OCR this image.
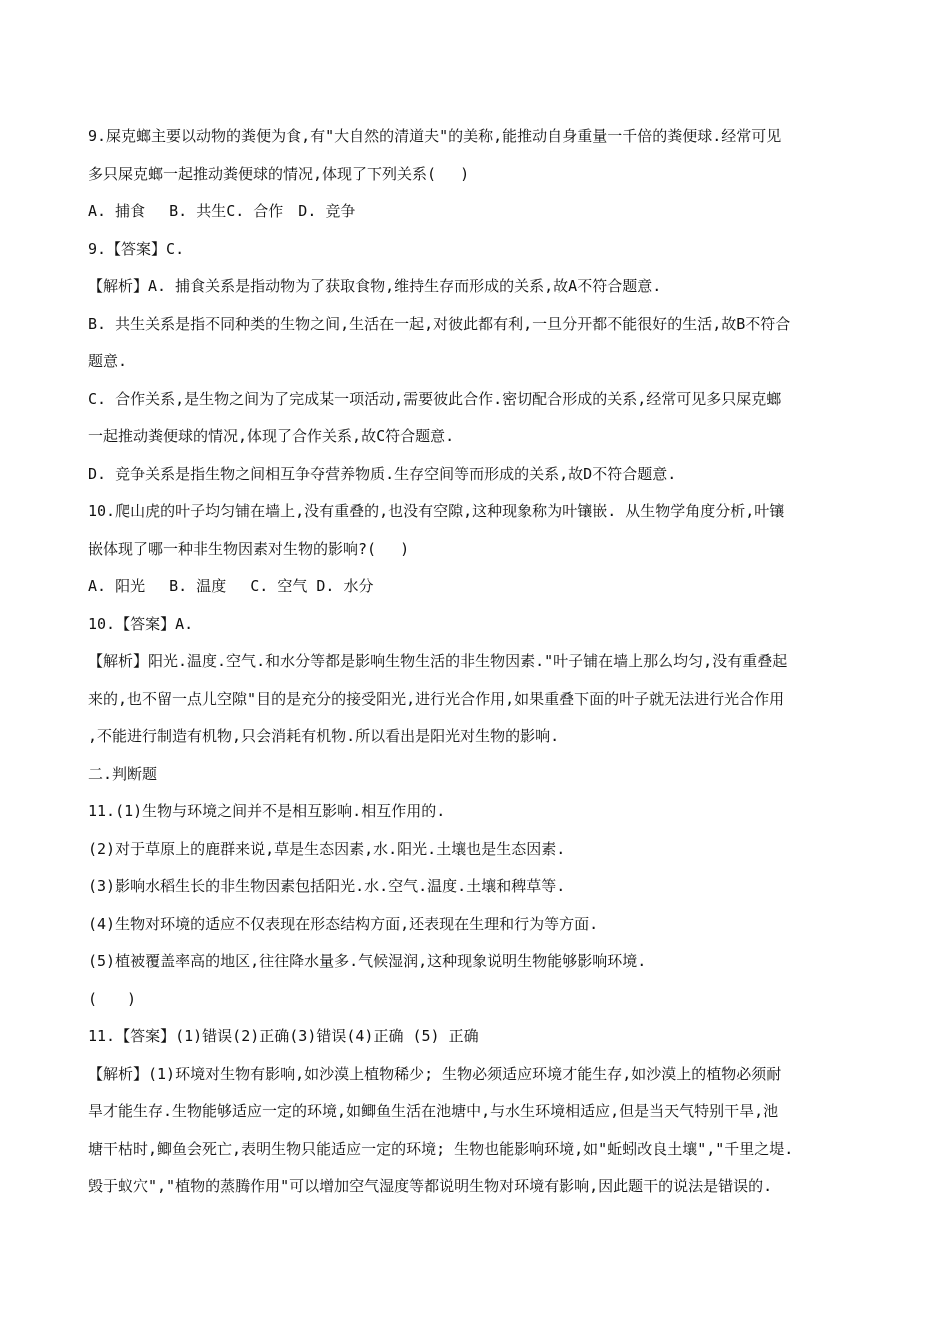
9.屎克螂主要以动物的粪便为食,有"大自然的清道夫"的美称,能推动自身重量一千倍的粪便球.经常可见

多只屎克螂一起推动粪便球的情况,体现了下列关系(　 )

A. 捕食　 B. 共生C. 合作　D. 竞争

9.【答案】C.

【解析】A. 捕食关系是指动物为了获取食物,维持生存而形成的关系,故A不符合题意.

B. 共生关系是指不同种类的生物之间,生活在一起,对彼此都有利,一旦分开都不能很好的生活,故B不符合

题意.

C. 合作关系,是生物之间为了完成某一项活动,需要彼此合作.密切配合形成的关系,经常可见多只屎克螂

一起推动粪便球的情况,体现了合作关系,故C符合题意.

D. 竞争关系是指生物之间相互争夺营养物质.生存空间等而形成的关系,故D不符合题意.

10.爬山虎的叶子均匀铺在墙上,没有重叠的,也没有空隙,这种现象称为叶镶嵌. 从生物学角度分析,叶镶

嵌体现了哪一种非生物因素对生物的影响?(　 )

A. 阳光　 B. 温度　 C. 空气 D. 水分

10.【答案】A.

【解析】阳光.温度.空气.和水分等都是影响生物生活的非生物因素."叶子铺在墙上那么均匀,没有重叠起

来的,也不留一点儿空隙"目的是充分的接受阳光,进行光合作用,如果重叠下面的叶子就无法进行光合作用

,不能进行制造有机物,只会消耗有机物.所以看出是阳光对生物的影响.

二.判断题

11.(1)生物与环境之间并不是相互影响.相互作用的.

(2)对于草原上的鹿群来说,草是生态因素,水.阳光.土壤也是生态因素.

(3)影响水稻生长的非生物因素包括阳光.水.空气.温度.土壤和稗草等.

(4)生物对环境的适应不仅表现在形态结构方面,还表现在生理和行为等方面.

(5)植被覆盖率高的地区,往往降水量多.气候湿润,这种现象说明生物能够影响环境.

(　　)

11.【答案】(1)错误(2)正确(3)错误(4)正确 (5) 正确

【解析】(1)环境对生物有影响,如沙漠上植物稀少; 生物必须适应环境才能生存,如沙漠上的植物必须耐

旱才能生存.生物能够适应一定的环境,如鲫鱼生活在池塘中,与水生环境相适应,但是当天气特别干旱,池

塘干枯时,鲫鱼会死亡,表明生物只能适应一定的环境; 生物也能影响环境,如"蚯蚓改良土壤","千里之堤.

毁于蚁穴","植物的蒸腾作用"可以增加空气湿度等都说明生物对环境有影响,因此题干的说法是错误的.
